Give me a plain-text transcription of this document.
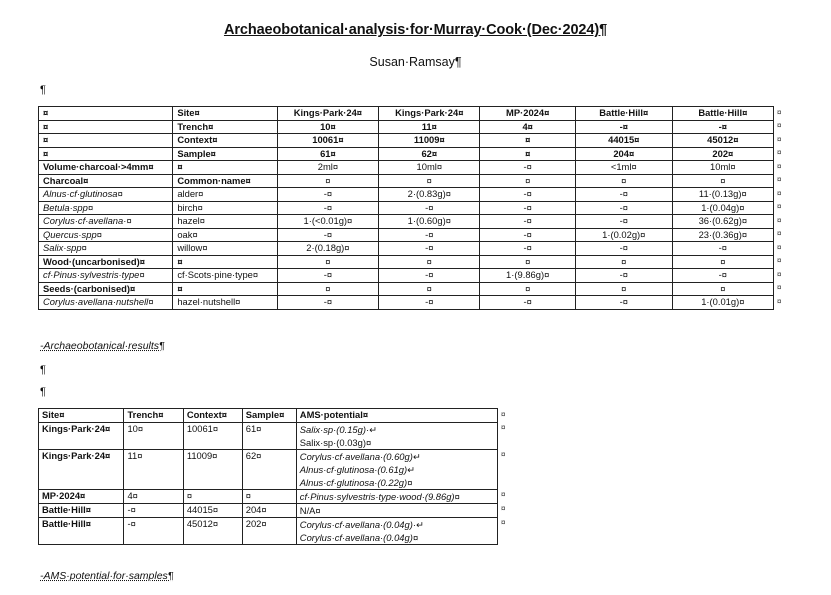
Archaeobotanical·analysis·for·Murray·Cook·(Dec·2024)¶
Susan·Ramsay¶
¶
¤	Site¤	Kings·Park·24¤	Kings·Park·24¤	MP·2024¤	Battle·Hill¤	Battle·Hill¤
¤	Trench¤	10¤	11¤	4¤	-¤	-¤
¤	Context¤	10061¤	11009¤	¤	44015¤	45012¤
¤	Sample¤	61¤	62¤	¤	204¤	202¤
Volume·charcoal·>4mm¤	¤	2ml¤	10ml¤	-¤	<1ml¤	10ml¤
Charcoal¤	Common·name¤	¤	¤	¤	¤	¤
Alnus·cf·glutinosa¤	alder¤	-¤	2·(0.83g)¤	-¤	-¤	11·(0.13g)¤
Betula·spp¤	birch¤	-¤	-¤	-¤	-¤	1·(0.04g)¤
Corylus·cf·avellana·¤	hazel¤	1·(<0.01g)¤	1·(0.60g)¤	-¤	-¤	36·(0.62g)¤
Quercus·spp¤	oak¤	-¤	-¤	-¤	1·(0.02g)¤	23·(0.36g)¤
Salix·spp¤	willow¤	2·(0.18g)¤	-¤	-¤	-¤	-¤
Wood·(uncarbonised)¤	¤	¤	¤	¤	¤	¤
cf·Pinus·sylvestris·type¤	cf·Scots·pine·type¤	-¤	-¤	1·(9.86g)¤	-¤	-¤
Seeds·(carbonised)¤	¤	¤	¤	¤	¤	¤
Corylus·avellana·nutshell¤	hazel·nutshell¤	-¤	-¤	-¤	-¤	1·(0.01g)¤
-Archaeobotanical·results¶
¶
¶
Site¤	Trench¤	Context¤	Sample¤	AMS·potential¤
Kings·Park·24¤	10¤	10061¤	61¤	Salix·sp·(0.15g)·↵
Salix·sp·(0.03g)¤

Kings·Park·24¤	11¤	11009¤	62¤	Corylus·cf·avellana·(0.60g)↵
Alnus·cf·glutinosa·(0.61g)↵
Alnus·cf·glutinosa·(0.22g)¤

MP·2024¤	4¤	¤	¤	cf·Pinus·sylvestris·type·wood·(9.86g)¤

Battle·Hill¤	-¤	44015¤	204¤	N/A¤

Battle·Hill¤	-¤	45012¤	202¤	Corylus·cf·avellana·(0.04g)·↵
Corylus·cf·avellana·(0.04g)¤
-AMS·potential·for·samples¶
¤
¤
¤
¤
¤
¤
¤
¤
¤
¤
¤
¤
¤
¤
¤
¤
¤
¤
¤
¤
¤
